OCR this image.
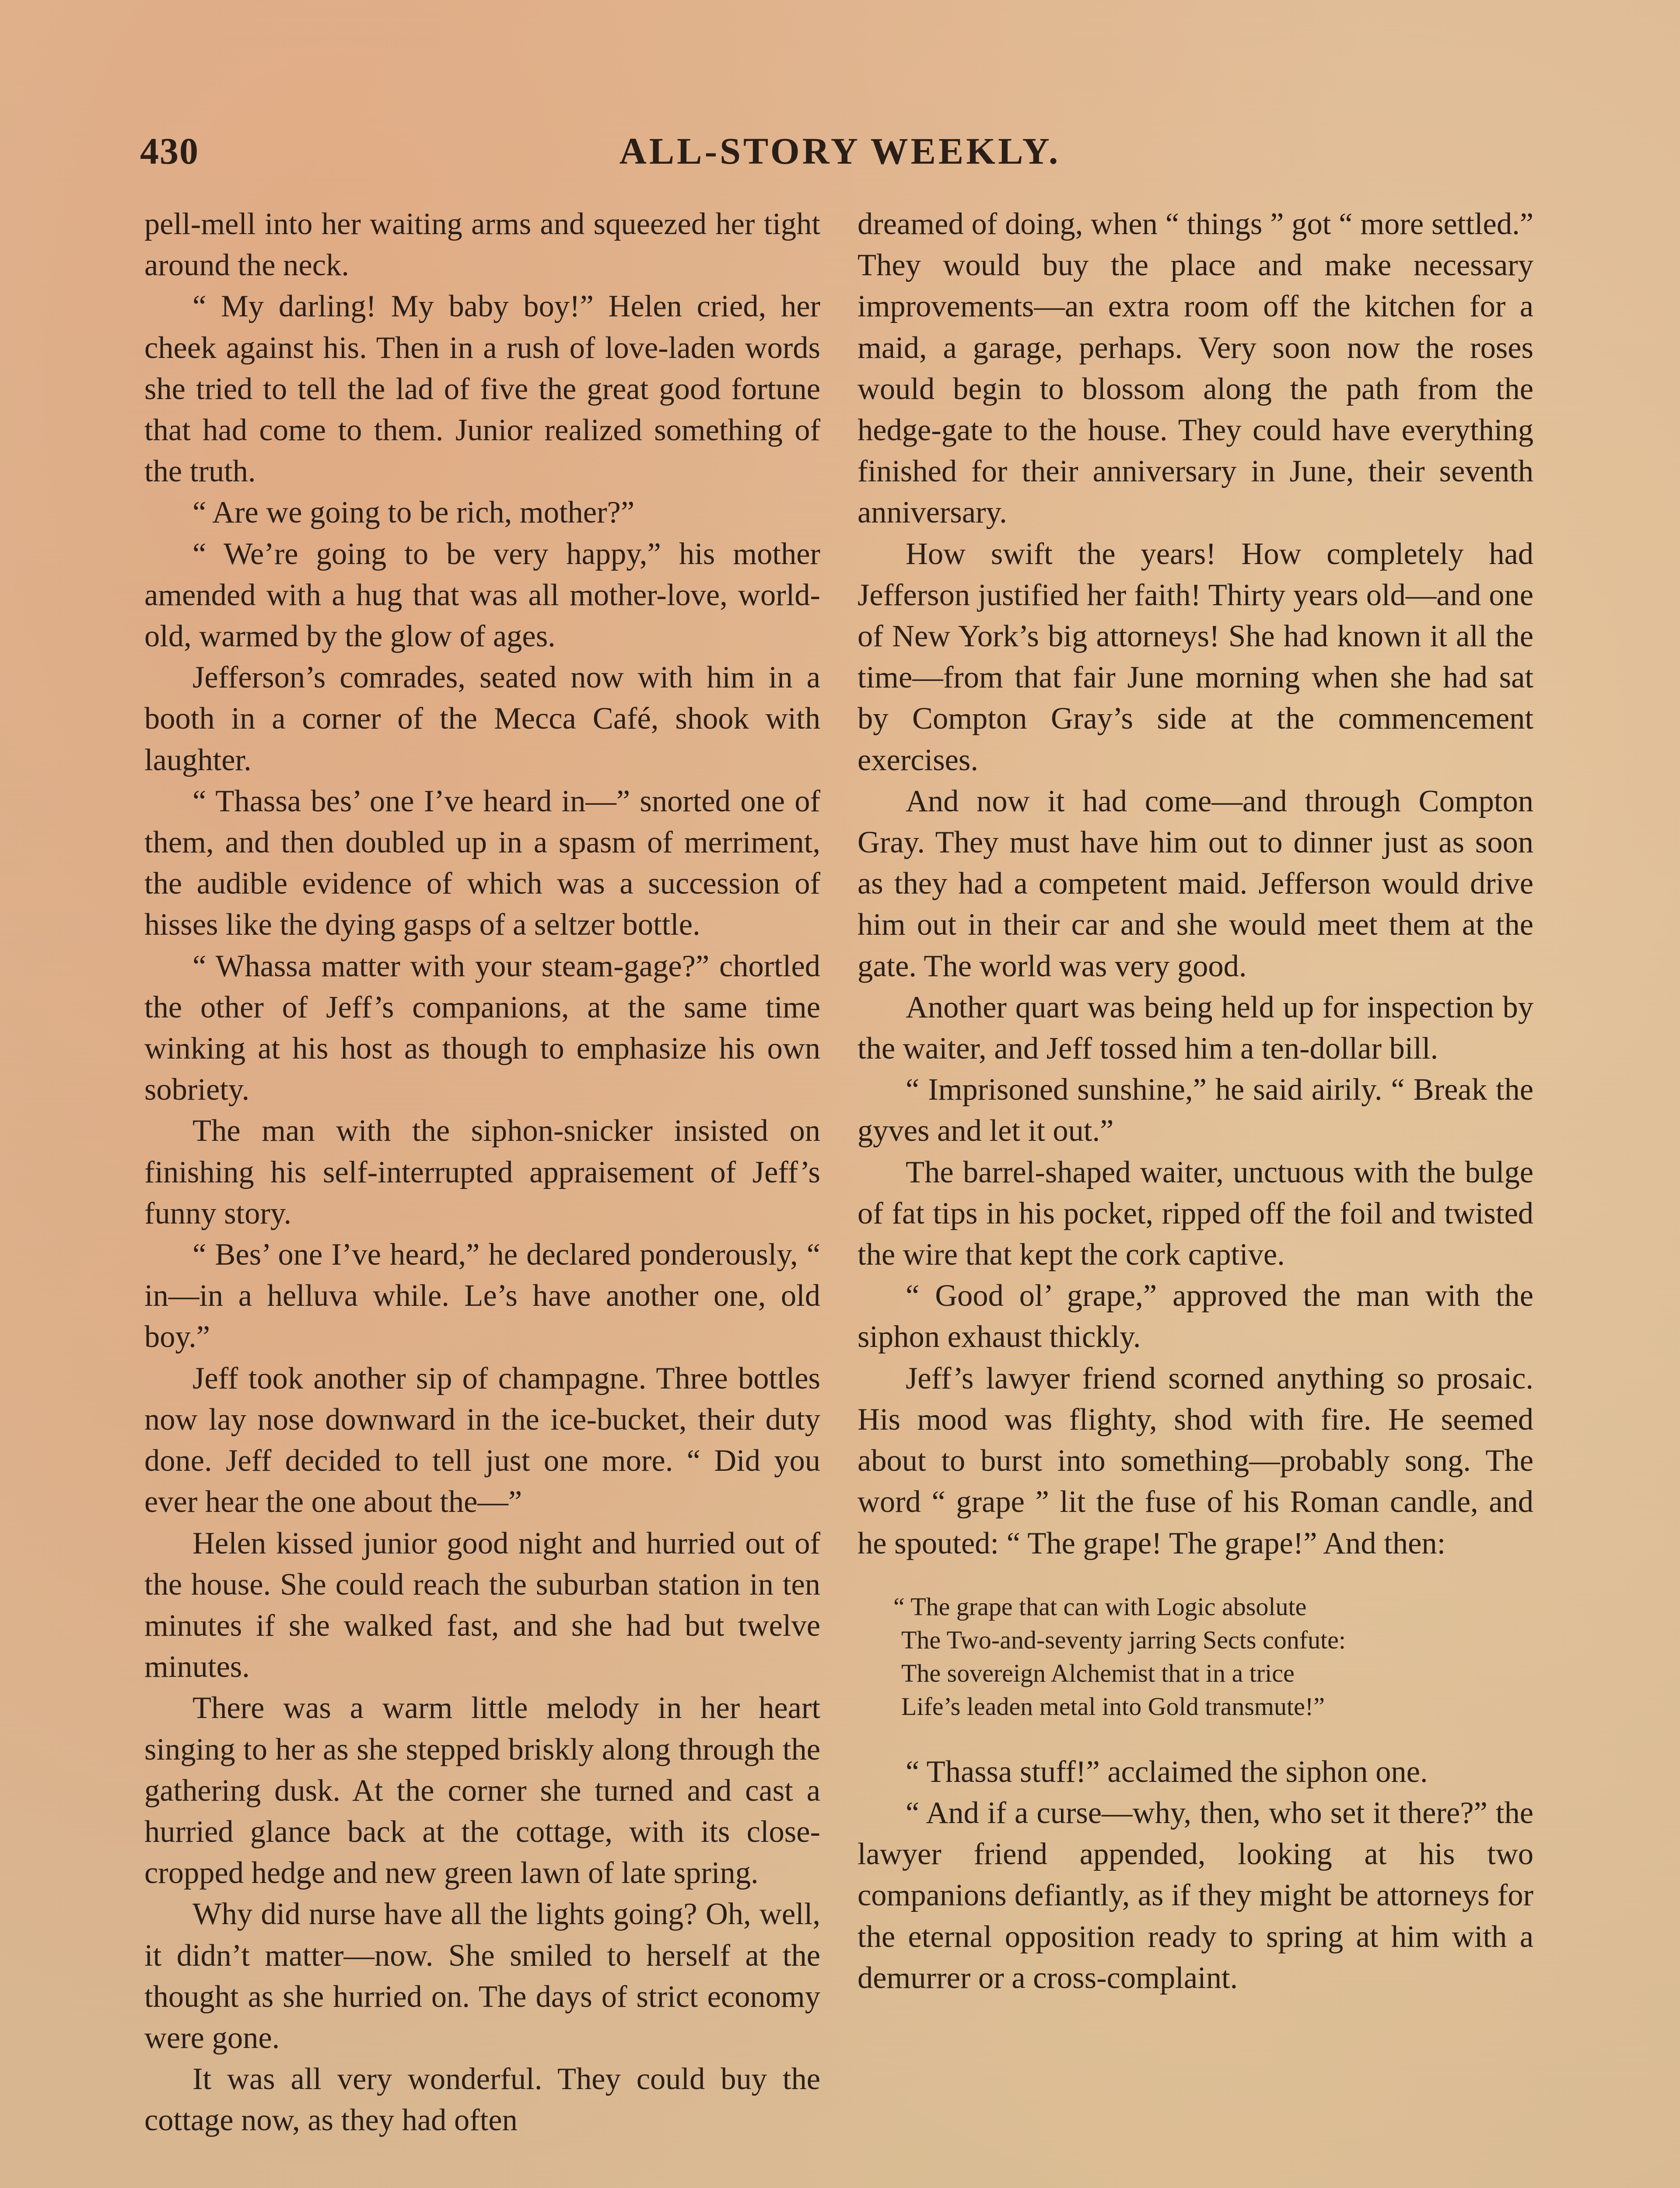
430	ALL-STORY WEEKLY.

pell-mell into her waiting arms and squeezed her tight around the neck.

“ My darling! My baby boy!” Helen cried, her cheek against his. Then in a rush of love-laden words she tried to tell the lad of five the great good fortune that had come to them. Junior realized something of the truth.

“ Are we going to be rich, mother?”

“ We’re going to be very happy,” his mother amended with a hug that was all mother-love, world-old, warmed by the glow of ages.

Jefferson’s comrades, seated now with him in a booth in a corner of the Mecca Café, shook with laughter.

“ Thassa bes’ one I’ve heard in—” snorted one of them, and then doubled up in a spasm of merriment, the audible evidence of which was a succession of hisses like the dying gasps of a seltzer bottle.

“ Whassa matter with your steam-gage?” chortled the other of Jeff’s companions, at the same time winking at his host as though to emphasize his own sobriety.

The man with the siphon-snicker insisted on finishing his self-interrupted appraisement of Jeff’s funny story.

“ Bes’ one I’ve heard,” he declared ponderously, “ in—in a helluva while. Le’s have another one, old boy.”

Jeff took another sip of champagne. Three bottles now lay nose downward in the ice-bucket, their duty done. Jeff decided to tell just one more. “ Did you ever hear the one about the—”

Helen kissed junior good night and hurried out of the house. She could reach the suburban station in ten minutes if she walked fast, and she had but twelve minutes.

There was a warm little melody in her heart singing to her as she stepped briskly along through the gathering dusk. At the corner she turned and cast a hurried glance back at the cottage, with its close-cropped hedge and new green lawn of late spring.

Why did nurse have all the lights going? Oh, well, it didn’t matter—now. She smiled to herself at the thought as she hurried on. The days of strict economy were gone.

It was all very wonderful. They could buy the cottage now, as they had often

dreamed of doing, when “ things ” got “ more settled.” They would buy the place and make necessary improvements—an extra room off the kitchen for a maid, a garage, perhaps. Very soon now the roses would begin to blossom along the path from the hedge-gate to the house. They could have everything finished for their anniversary in June, their seventh anniversary.

How swift the years! How completely had Jefferson justified her faith! Thirty years old—and one of New York’s big attorneys! She had known it all the time—from that fair June morning when she had sat by Compton Gray’s side at the commencement exercises.

And now it had come—and through Compton Gray. They must have him out to dinner just as soon as they had a competent maid. Jefferson would drive him out in their car and she would meet them at the gate. The world was very good.

Another quart was being held up for inspection by the waiter, and Jeff tossed him a ten-dollar bill.

“ Imprisoned sunshine,” he said airily. “ Break the gyves and let it out.”

The barrel-shaped waiter, unctuous with the bulge of fat tips in his pocket, ripped off the foil and twisted the wire that kept the cork captive.

“ Good ol’ grape,” approved the man with the siphon exhaust thickly.

Jeff’s lawyer friend scorned anything so prosaic. His mood was flighty, shod with fire. He seemed about to burst into something—probably song. The word “ grape ” lit the fuse of his Roman candle, and he spouted: “ The grape! The grape!” And then:

“ The grape that can with Logic absolute
The Two-and-seventy jarring Sects confute:
The sovereign Alchemist that in a trice
Life’s leaden metal into Gold transmute!”

“ Thassa stuff!” acclaimed the siphon one.

“ And if a curse—why, then, who set it there?” the lawyer friend appended, looking at his two companions defiantly, as if they might be attorneys for the eternal opposition ready to spring at him with a demurrer or a cross-complaint.
